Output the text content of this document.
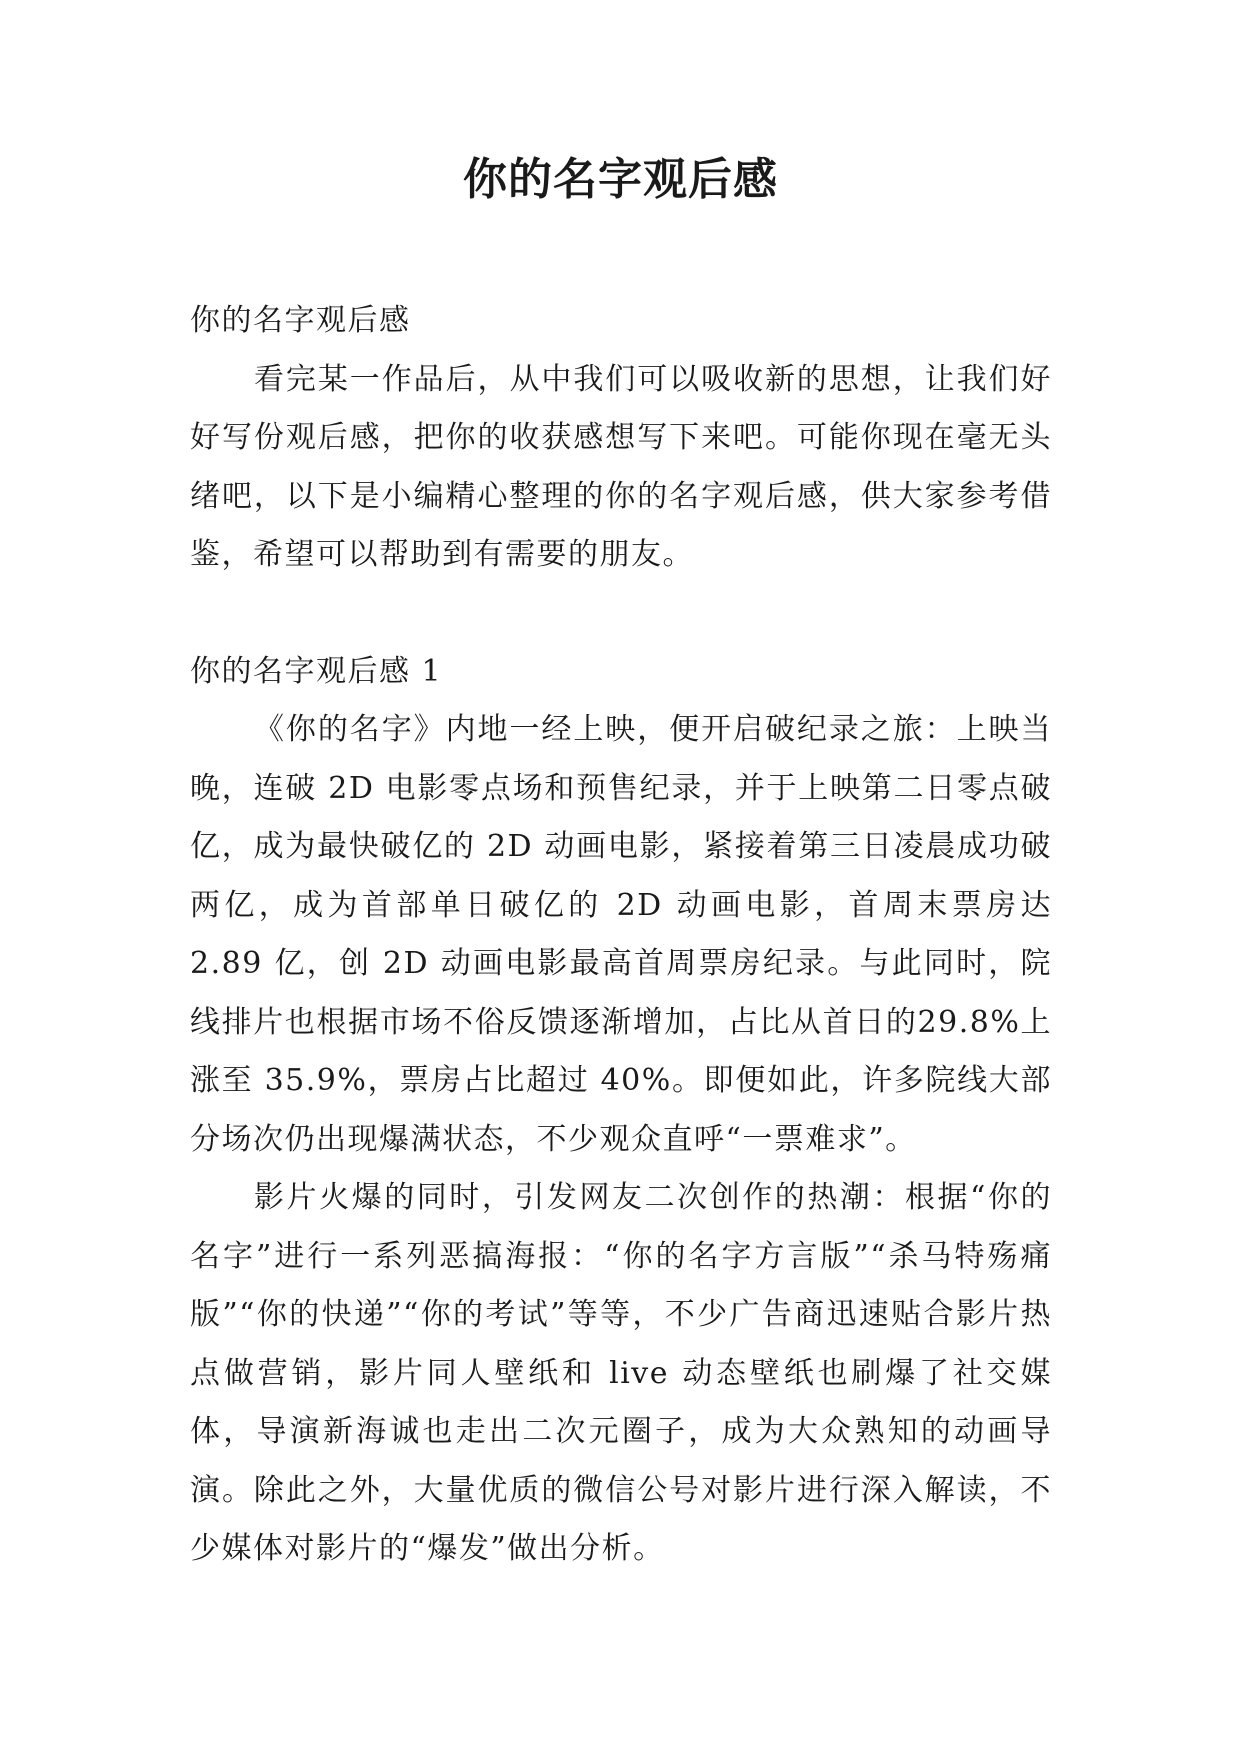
你的名字观后感

你的名字观后感

看完某一作品后，从中我们可以吸收新的思想，让我们好好写份观后感，把你的收获感想写下来吧。可能你现在毫无头绪吧，以下是小编精心整理的你的名字观后感，供大家参考借鉴，希望可以帮助到有需要的朋友。

你的名字观后感 1

《你的名字》内地一经上映，便开启破纪录之旅：上映当晚，连破 2D 电影零点场和预售纪录，并于上映第二日零点破亿，成为最快破亿的 2D 动画电影，紧接着第三日凌晨成功破两亿，成为首部单日破亿的 2D 动画电影，首周末票房达 2.89 亿，创 2D 动画电影最高首周票房纪录。与此同时，院线排片也根据市场不俗反馈逐渐增加，占比从首日的29.8%上涨至 35.9%，票房占比超过 40%。即便如此，许多院线大部分场次仍出现爆满状态，不少观众直呼“一票难求”。

影片火爆的同时，引发网友二次创作的热潮：根据“你的名字”进行一系列恶搞海报：“你的名字方言版”“杀马特殇痛版”“你的快递”“你的考试”等等，不少广告商迅速贴合影片热点做营销，影片同人壁纸和 live 动态壁纸也刷爆了社交媒体，导演新海诚也走出二次元圈子，成为大众熟知的动画导演。除此之外，大量优质的微信公号对影片进行深入解读，不少媒体对影片的“爆发”做出分析。
